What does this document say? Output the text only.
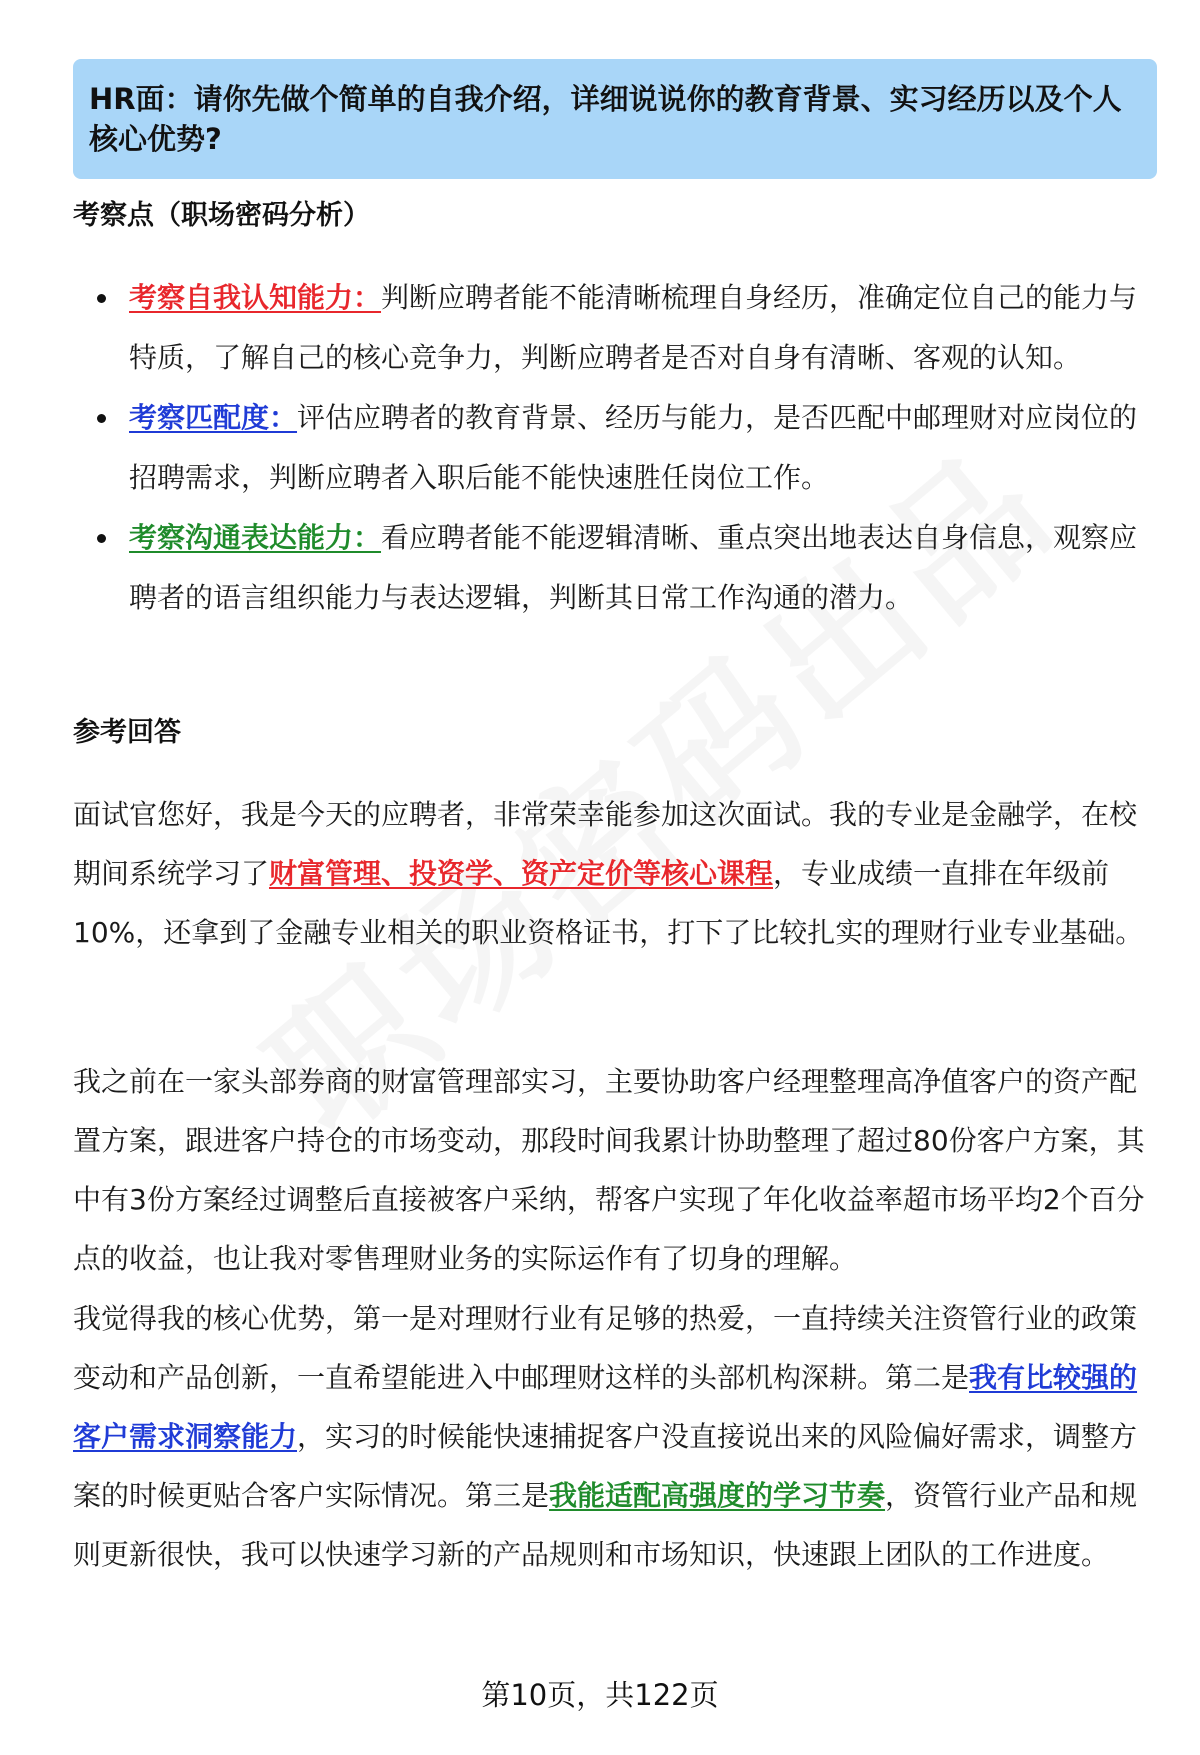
HR面：请你先做个简单的自我介绍，详细说说你的教育背景、实习经历以及个人核心优势?
考察点（职场密码分析）
考察自我认知能力：判断应聘者能不能清晰梳理自身经历，准确定位自己的能力与特质，了解自己的核心竞争力，判断应聘者是否对自身有清晰、客观的认知。
考察匹配度：评估应聘者的教育背景、经历与能力，是否匹配中邮理财对应岗位的招聘需求，判断应聘者入职后能不能快速胜任岗位工作。
考察沟通表达能力：看应聘者能不能逻辑清晰、重点突出地表达自身信息，观察应聘者的语言组织能力与表达逻辑，判断其日常工作沟通的潜力。
参考回答
面试官您好，我是今天的应聘者，非常荣幸能参加这次面试。我的专业是金融学，在校期间系统学习了财富管理、投资学、资产定价等核心课程，专业成绩一直排在年级前10%，还拿到了金融专业相关的职业资格证书，打下了比较扎实的理财行业专业基础。
我之前在一家头部券商的财富管理部实习，主要协助客户经理整理高净值客户的资产配置方案，跟进客户持仓的市场变动，那段时间我累计协助整理了超过80份客户方案，其中有3份方案经过调整后直接被客户采纳，帮客户实现了年化收益率超市场平均2个百分点的收益，也让我对零售理财业务的实际运作有了切身的理解。
我觉得我的核心优势，第一是对理财行业有足够的热爱，一直持续关注资管行业的政策变动和产品创新，一直希望能进入中邮理财这样的头部机构深耕。第二是我有比较强的客户需求洞察能力，实习的时候能快速捕捉客户没直接说出来的风险偏好需求，调整方案的时候更贴合客户实际情况。第三是我能适配高强度的学习节奏，资管行业产品和规则更新很快，我可以快速学习新的产品规则和市场知识，快速跟上团队的工作进度。
第10页，共122页
